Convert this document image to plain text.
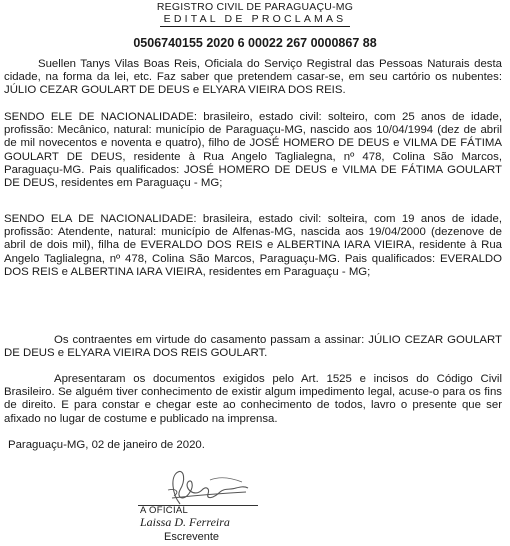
REGISTRO CIVIL DE PARAGUAÇU-MG
EDITAL DE PROCLAMAS
0506740155 2020 6 00022 267 0000867 88

Suellen Tanys Vilas Boas Reis, Oficiala do Serviço Registral das Pessoas Naturais desta cidade, na forma da lei, etc. Faz saber que pretendem casar-se, em seu cartório os nubentes: JÚLIO CEZAR GOULART DE DEUS e ELYARA VIEIRA DOS REIS.

SENDO ELE DE NACIONALIDADE: brasileiro, estado civil: solteiro, com 25 anos de idade, profissão: Mecânico, natural: município de Paraguaçu-MG, nascido aos 10/04/1994 (dez de abril de mil novecentos e noventa e quatro), filho de JOSÉ HOMERO DE DEUS e VILMA DE FÁTIMA GOULART DE DEUS, residente à Rua Angelo Taglialegna, nº 478, Colina São Marcos, Paraguaçu-MG. Pais qualificados: JOSÉ HOMERO DE DEUS e VILMA DE FÁTIMA GOULART DE DEUS, residentes em Paraguaçu - MG;

SENDO ELA DE NACIONALIDADE: brasileira, estado civil: solteira, com 19 anos de idade, profissão: Atendente, natural: município de Alfenas-MG, nascida aos 19/04/2000 (dezenove de abril de dois mil), filha de EVERALDO DOS REIS e ALBERTINA IARA VIEIRA, residente à Rua Angelo Taglialegna, nº 478, Colina São Marcos, Paraguaçu-MG. Pais qualificados: EVERALDO DOS REIS e ALBERTINA IARA VIEIRA, residentes em Paraguaçu - MG;

Os contraentes em virtude do casamento passam a assinar: JÚLIO CEZAR GOULART DE DEUS e ELYARA VIEIRA DOS REIS GOULART.

Apresentaram os documentos exigidos pelo Art. 1525 e incisos do Código Civil Brasileiro. Se alguém tiver conhecimento de existir algum impedimento legal, acuse-o para os fins de direito. E para constar e chegar este ao conhecimento de todos, lavro o presente que ser afixado no lugar de costume e publicado na imprensa.

Paraguaçu-MG, 02 de janeiro de 2020.
A OFICIAL
Laissa D. Ferreira
Escrevente
